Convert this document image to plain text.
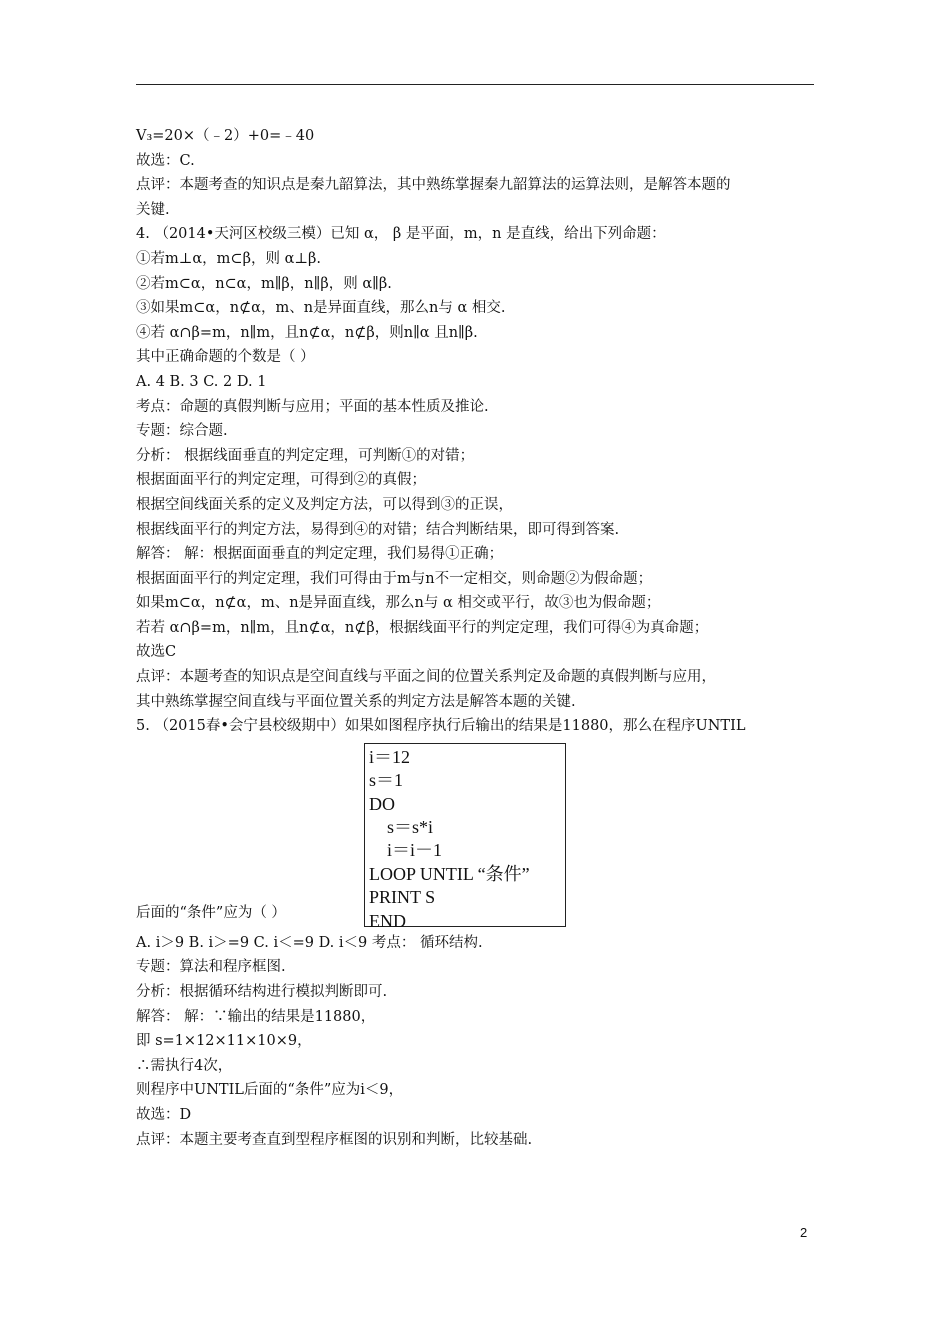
V₃=20×（﹣2）+0=﹣40
故选：C.
点评：本题考查的知识点是秦九韶算法，其中熟练掌握秦九韶算法的运算法则，是解答本题的
关键.
4. （2014•天河区校级三模）已知 α， β 是平面，m，n 是直线，给出下列命题：
①若m⊥α，m⊂β，则 α⊥β.
②若m⊂α，n⊂α，m∥β，n∥β，则 α∥β.
③如果m⊂α，n⊄α，m、n是异面直线，那么n与 α 相交.
④若 α∩β=m，n∥m，且n⊄α，n⊄β，则n∥α 且n∥β.
其中正确命题的个数是（ ）
A. 4 B. 3 C. 2 D. 1
考点：命题的真假判断与应用；平面的基本性质及推论.
专题：综合题.
分析： 根据线面垂直的判定定理，可判断①的对错；
根据面面平行的判定定理，可得到②的真假；
根据空间线面关系的定义及判定方法，可以得到③的正误，
根据线面平行的判定方法，易得到④的对错；结合判断结果，即可得到答案.
解答： 解：根据面面垂直的判定定理，我们易得①正确；
根据面面平行的判定定理，我们可得由于m与n不一定相交，则命题②为假命题；
如果m⊂α，n⊄α，m、n是异面直线，那么n与 α 相交或平行，故③也为假命题；
若若 α∩β=m，n∥m，且n⊄α，n⊄β，根据线面平行的判定定理，我们可得④为真命题；
故选C
点评：本题考查的知识点是空间直线与平面之间的位置关系判定及命题的真假判断与应用，
其中熟练掌握空间直线与平面位置关系的判定方法是解答本题的关键.
5. （2015春•会宁县校级期中）如果如图程序执行后输出的结果是11880，那么在程序UNTIL
i＝12
s＝1
DO
s＝s*i
i＝i－1
LOOP UNTIL “条件”
PRINT S
END
后面的“条件”应为（ ）
A. i＞9 B. i＞=9 C. i＜=9 D. i＜9 考点： 循环结构.
专题：算法和程序框图.
分析：根据循环结构进行模拟判断即可.
解答： 解：∵输出的结果是11880，
即 s=1×12×11×10×9，
∴需执行4次，
则程序中UNTIL后面的“条件”应为i＜9，
故选：D
点评：本题主要考查直到型程序框图的识别和判断，比较基础.
2
